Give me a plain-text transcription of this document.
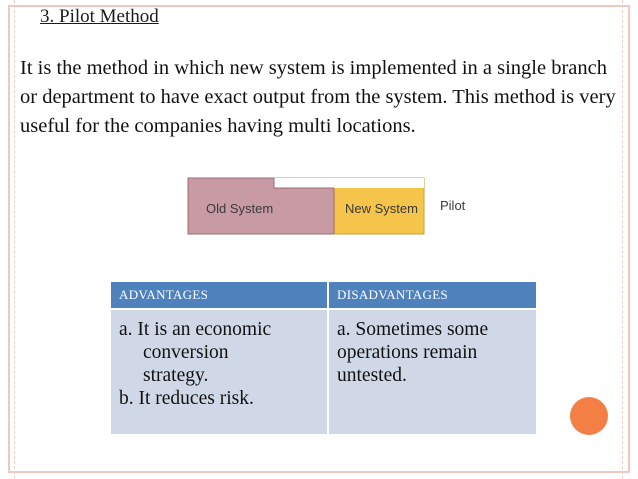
3. Pilot Method
It is the method in which new system is implemented in a single branch or department to have exact output from the system. This method is very useful for the companies having multi locations.
Old System	New System Pilot
ADVANTAGES	DISADVANTAGES

a. It is an economic
conversion
strategy.
b. It reduces risk.	a. Sometimes some operations remain untested.
